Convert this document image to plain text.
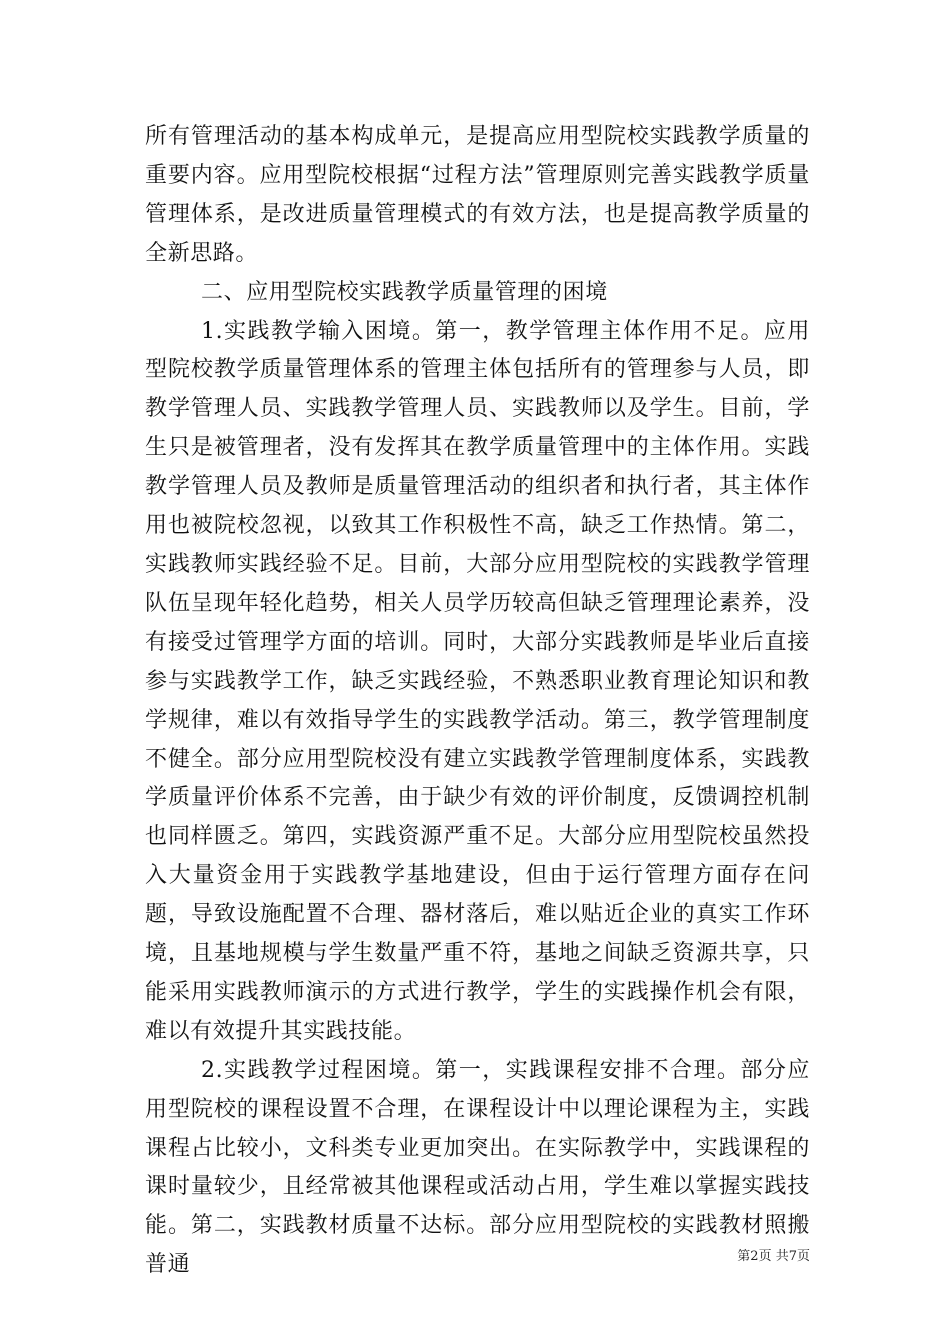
所有管理活动的基本构成单元，是提高应用型院校实践教学质量的重要内容。应用型院校根据“过程方法”管理原则完善实践教学质量管理体系，是改进质量管理模式的有效方法，也是提高教学质量的全新思路。

二、应用型院校实践教学质量管理的困境

1.实践教学输入困境。第一，教学管理主体作用不足。应用型院校教学质量管理体系的管理主体包括所有的管理参与人员，即教学管理人员、实践教学管理人员、实践教师以及学生。目前，学生只是被管理者，没有发挥其在教学质量管理中的主体作用。实践教学管理人员及教师是质量管理活动的组织者和执行者，其主体作用也被院校忽视，以致其工作积极性不高，缺乏工作热情。第二，实践教师实践经验不足。目前，大部分应用型院校的实践教学管理队伍呈现年轻化趋势，相关人员学历较高但缺乏管理理论素养，没有接受过管理学方面的培训。同时，大部分实践教师是毕业后直接参与实践教学工作，缺乏实践经验，不熟悉职业教育理论知识和教学规律，难以有效指导学生的实践教学活动。第三，教学管理制度不健全。部分应用型院校没有建立实践教学管理制度体系，实践教学质量评价体系不完善，由于缺少有效的评价制度，反馈调控机制也同样匮乏。第四，实践资源严重不足。大部分应用型院校虽然投入大量资金用于实践教学基地建设，但由于运行管理方面存在问题，导致设施配置不合理、器材落后，难以贴近企业的真实工作环境，且基地规模与学生数量严重不符，基地之间缺乏资源共享，只能采用实践教师演示的方式进行教学，学生的实践操作机会有限，难以有效提升其实践技能。

2.实践教学过程困境。第一，实践课程安排不合理。部分应用型院校的课程设置不合理，在课程设计中以理论课程为主，实践课程占比较小，文科类专业更加突出。在实际教学中，实践课程的课时量较少，且经常被其他课程或活动占用，学生难以掌握实践技能。第二，实践教材质量不达标。部分应用型院校的实践教材照搬普通	第2页 共7页
